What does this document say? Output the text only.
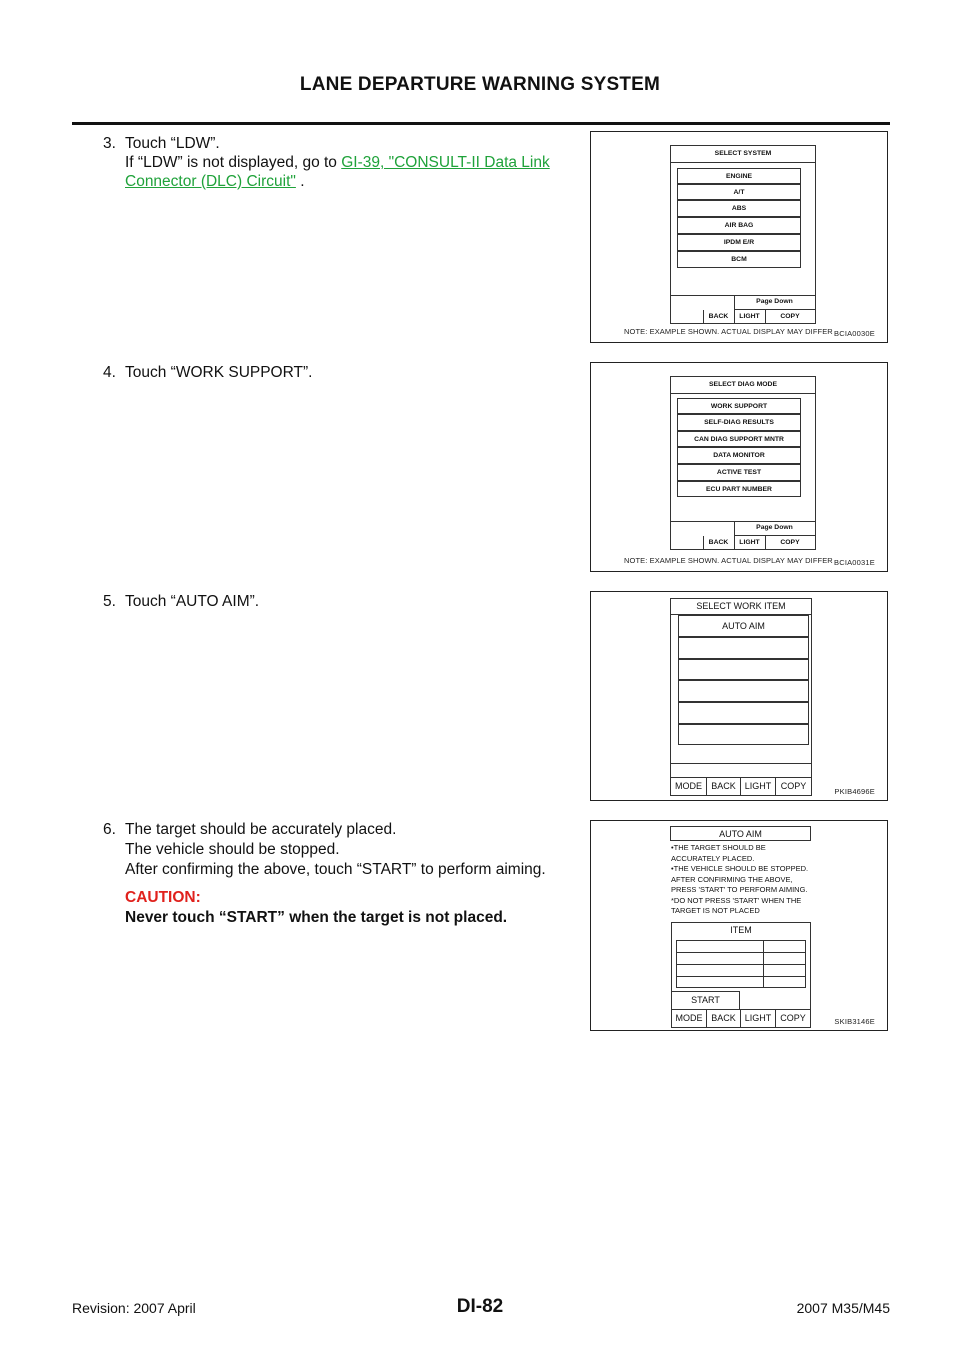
LANE DEPARTURE WARNING SYSTEM
3. Touch “LDW”.
If “LDW” is not displayed, go to GI-39, "CONSULT-II Data Link
Connector (DLC) Circuit" .
4. Touch “WORK SUPPORT”.
5. Touch “AUTO AIM”.
6. The target should be accurately placed.
The vehicle should be stopped.
After confirming the above, touch “START” to perform aiming.
CAUTION:
Never touch “START” when the target is not placed.
SELECT SYSTEM
ENGINE
A/T
ABS
AIR BAG
IPDM E/R
BCM
Page Down
BACK	LIGHT	COPY
NOTE: EXAMPLE SHOWN. ACTUAL DISPLAY MAY DIFFER BCIA0030E
SELECT DIAG MODE
WORK SUPPORT
SELF-DIAG RESULTS
CAN DIAG SUPPORT MNTR
DATA MONITOR
ACTIVE TEST
ECU PART NUMBER
Page Down
BACK	LIGHT	COPY
NOTE: EXAMPLE SHOWN. ACTUAL DISPLAY MAY DIFFER BCIA0031E
SELECT WORK ITEM
AUTO AIM
MODE	BACK LIGHT	COPY
PKIB4696E
AUTO AIM
•THE TARGET SHOULD BE
ACCURATELY PLACED.
•THE VEHICLE SHOULD BE STOPPED.
AFTER CONFIRMING THE ABOVE,
PRESS 'START' TO PERFORM AIMING.
*DO NOT PRESS 'START' WHEN THE
TARGET IS NOT PLACED
ITEM
START
MODE BACK LIGHT COPY	SKIB3146E
Revision: 2007 April	DI-82	2007 M35/M45
